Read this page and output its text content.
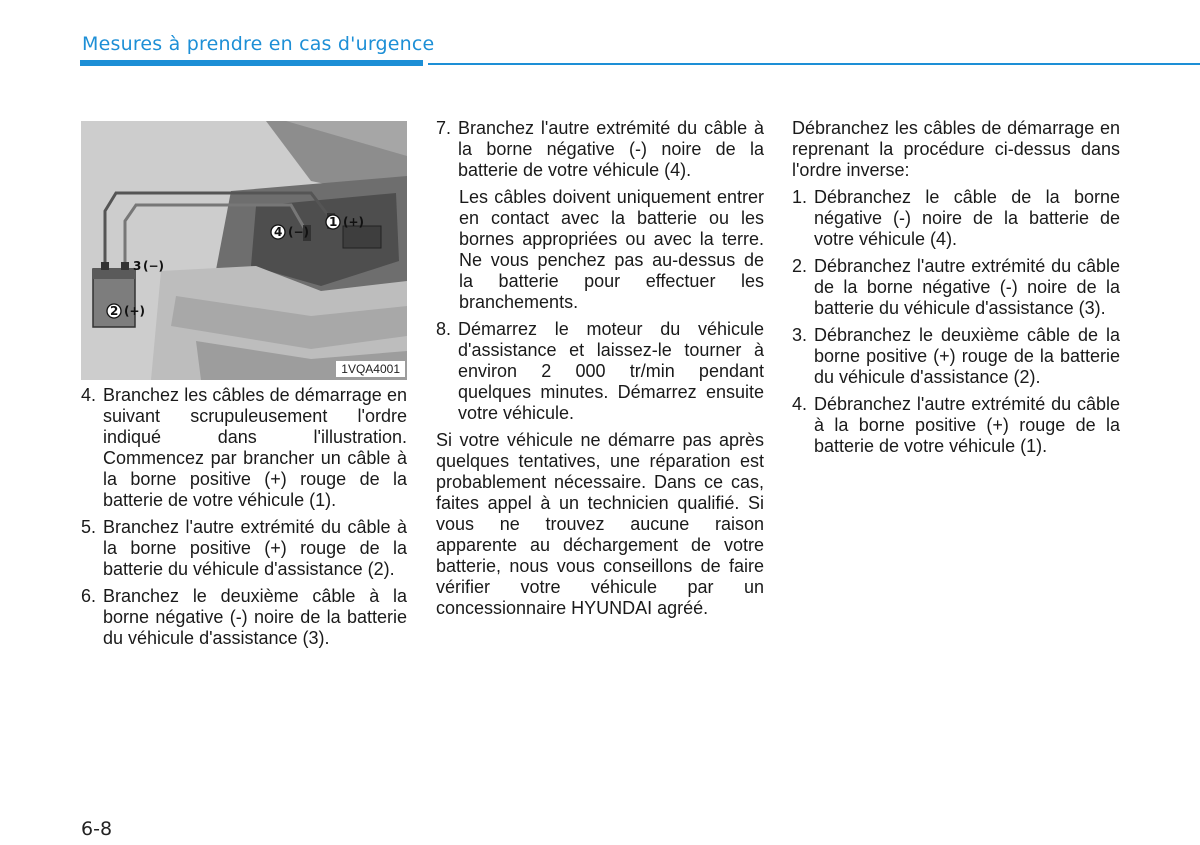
Mesures à prendre en cas d'urgence
1 (+)
2 (+)
3 (−)
4 (−)
1VQA4001
4. Branchez les câbles de démarrage en suivant scrupuleusement l'ordre indiqué dans l'illustration. Commencez par brancher un câble à la borne positive (+) rouge de la batterie de votre véhicule (1).
5. Branchez l'autre extrémité du câble à la borne positive (+) rouge de la batterie du véhicule d'assistance (2).
6. Branchez le deuxième câble à la borne négative (-) noire de la batterie du véhicule d'assistance (3).
7. Branchez l'autre extrémité du câble à la borne négative (-) noire de la batterie de votre véhicule (4).
Les câbles doivent uniquement entrer en contact avec la batterie ou les bornes appropriées ou avec la terre. Ne vous penchez pas au-dessus de la batterie pour effectuer les branchements.
8. Démarrez le moteur du véhicule d'assistance et laissez-le tourner à environ 2 000 tr/min pendant quelques minutes. Démarrez ensuite votre véhicule.
Si votre véhicule ne démarre pas après quelques tentatives, une réparation est probablement nécessaire. Dans ce cas, faites appel à un technicien qualifié. Si vous ne trouvez aucune raison apparente au déchargement de votre batterie, nous vous conseillons de faire vérifier votre véhicule par un concessionnaire HYUNDAI agréé.
Débranchez les câbles de démarrage en reprenant la procédure ci-dessus dans l'ordre inverse:
1. Débranchez le câble de la borne négative (-) noire de la batterie de votre véhicule (4).
2. Débranchez l'autre extrémité du câble de la borne négative (-) noire de la batterie du véhicule d'assistance (3).
3. Débranchez le deuxième câble de la borne positive (+) rouge de la batterie du véhicule d'assistance (2).
4. Débranchez l'autre extrémité du câble à la borne positive (+) rouge de la batterie de votre véhicule (1).
6-8
